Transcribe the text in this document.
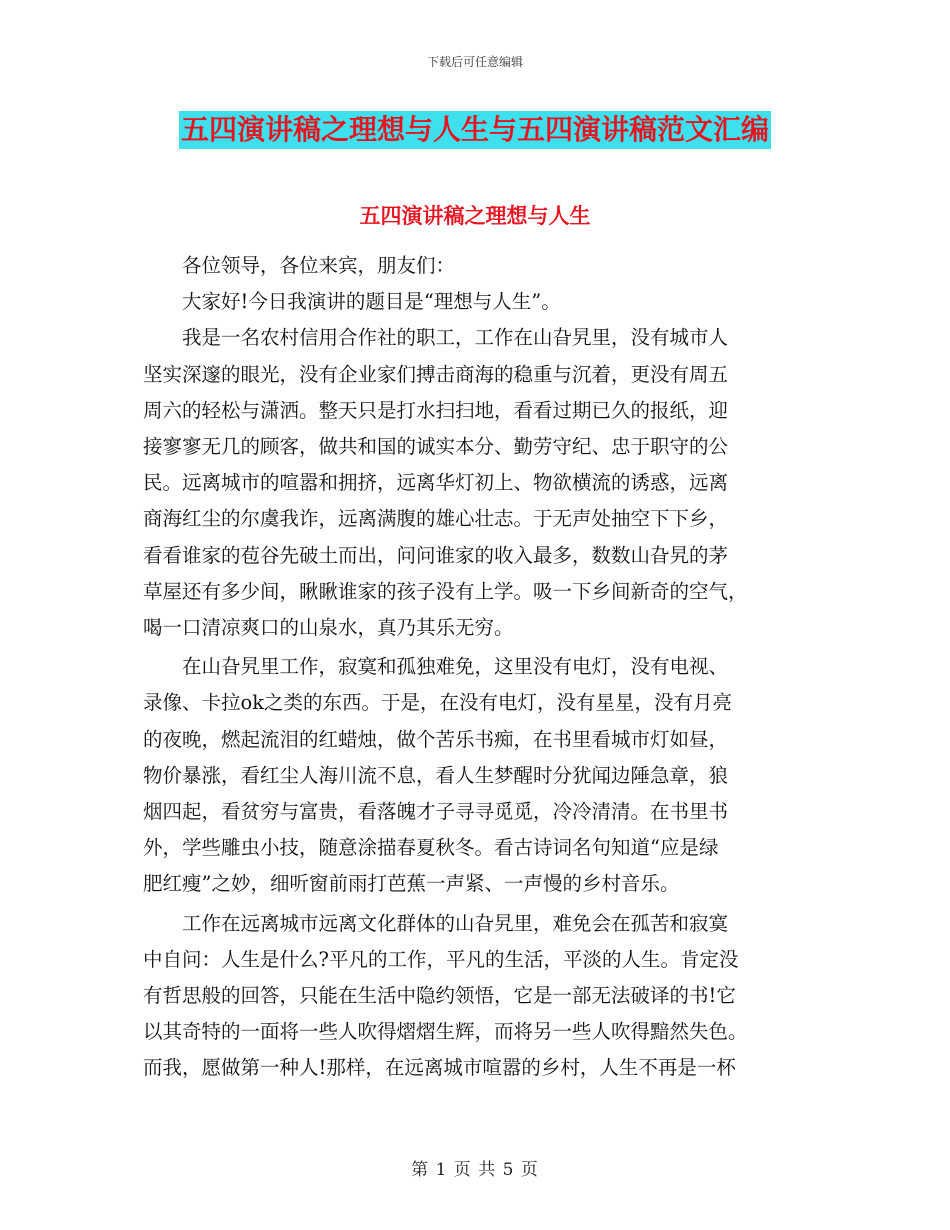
下载后可任意编辑
五四演讲稿之理想与人生与五四演讲稿范文汇编
五四演讲稿之理想与人生

各位领导，各位来宾，朋友们：

大家好!今日我演讲的题目是“理想与人生”。

我是一名农村信用合作社的职工，工作在山旮旯里，没有城市人
坚实深邃的眼光，没有企业家们搏击商海的稳重与沉着，更没有周五
周六的轻松与潇洒。整天只是打水扫扫地，看看过期已久的报纸，迎
接寥寥无几的顾客，做共和国的诚实本分、勤劳守纪、忠于职守的公
民。远离城市的喧嚣和拥挤，远离华灯初上、物欲横流的诱惑，远离
商海红尘的尔虞我诈，远离满腹的雄心壮志。于无声处抽空下下乡，
看看谁家的苞谷先破土而出，问问谁家的收入最多，数数山旮旯的茅
草屋还有多少间，瞅瞅谁家的孩子没有上学。吸一下乡间新奇的空气，
喝一口清凉爽口的山泉水，真乃其乐无穷。

在山旮旯里工作，寂寞和孤独难免，这里没有电灯，没有电视、
录像、卡拉ok之类的东西。于是，在没有电灯，没有星星，没有月亮
的夜晚，燃起流泪的红蜡烛，做个苦乐书痴，在书里看城市灯如昼，
物价暴涨，看红尘人海川流不息，看人生梦醒时分犹闻边陲急章，狼
烟四起，看贫穷与富贵，看落魄才子寻寻觅觅，冷冷清清。在书里书
外，学些雕虫小技，随意涂描春夏秋冬。看古诗词名句知道“应是绿
肥红瘦”之妙，细听窗前雨打芭蕉一声紧、一声慢的乡村音乐。

工作在远离城市远离文化群体的山旮旯里，难免会在孤苦和寂寞
中自问：人生是什么?平凡的工作，平凡的生活，平淡的人生。肯定没
有哲思般的回答，只能在生活中隐约领悟，它是一部无法破译的书!它
以其奇特的一面将一些人吹得熠熠生辉，而将另一些人吹得黯然失色。
而我，愿做第一种人!那样，在远离城市喧嚣的乡村，人生不再是一杯

第 1 页 共 5 页
